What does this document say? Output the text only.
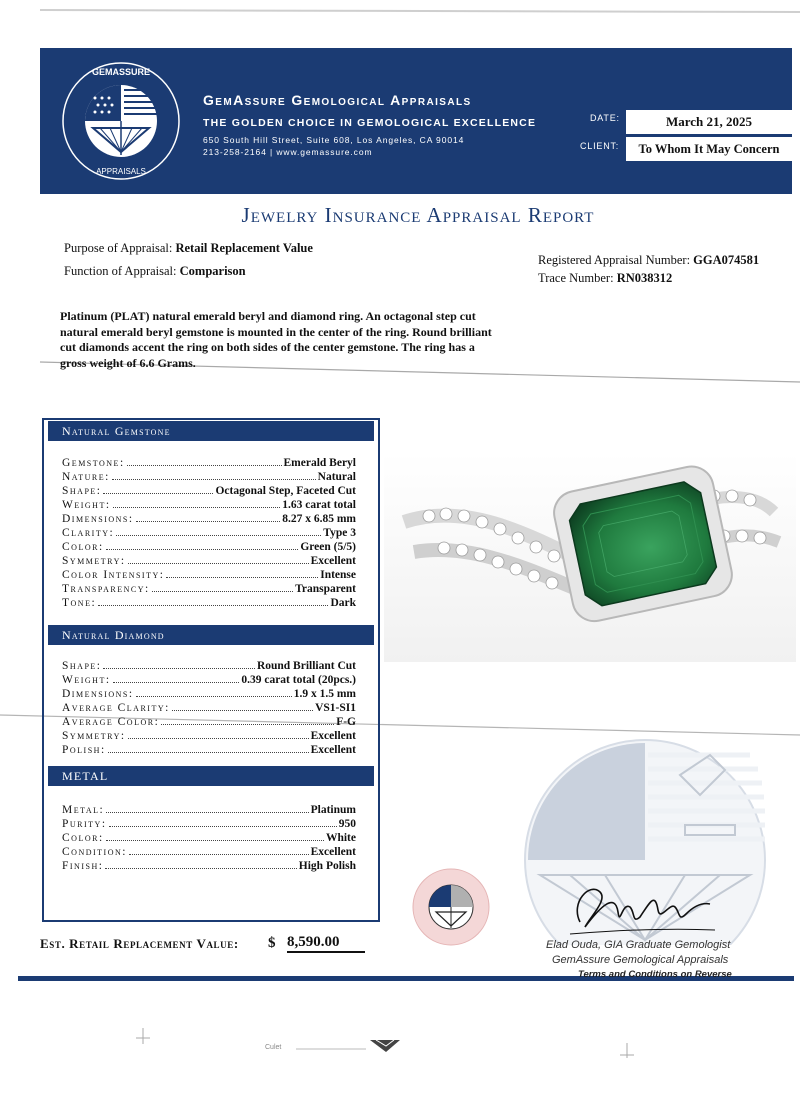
Culet
GEMASSURE
APPRAISALS
GemAssure Gemological Appraisals
THE GOLDEN CHOICE IN GEMOLOGICAL EXCELLENCE
650 South Hill Street, Suite 608, Los Angeles, CA 90014
213-258-2164 | www.gemassure.com
DATE:	March 21, 2025
CLIENT:	To Whom It May Concern
Jewelry Insurance Appraisal Report
Purpose of Appraisal: Retail Replacement Value
Function of Appraisal: Comparison
Registered Appraisal Number: GGA074581
Trace Number: RN038312
Platinum (PLAT) natural emerald beryl and diamond ring. An octagonal step cut natural emerald beryl gemstone is mounted in the center of the ring. Round brilliant cut diamonds accent the ring on both sides of the center gemstone. The ring has a gross weight of 6.6 Grams.
Natural Gemstone
Natural Diamond
METAL
Gemstone:	Emerald Beryl
Nature:	Natural
Shape:	Octagonal Step, Faceted Cut
Weight:	1.63 carat total
Dimensions:	8.27 x 6.85 mm
Clarity:	Type 3
Color:	Green (5/5)
Symmetry:	Excellent
Color Intensity:	Intense
Transparency:	Transparent
Tone:	Dark
Shape:	Round Brilliant Cut
Weight:	0.39 carat total (20pcs.)
Dimensions:	1.9 x 1.5 mm
Average Clarity:	VS1-SI1
Average Color:	F-G
Symmetry:	Excellent
Polish:	Excellent
Metal:	Platinum
Purity:	950
Color:	White
Condition:	Excellent
Finish:	High Polish
Est. Retail Replacement Value: $ 8,590.00	Elad Ouda, GIA Graduate Gemologist
GemAssure Gemological Appraisals
Terms and Conditions on Reverse
